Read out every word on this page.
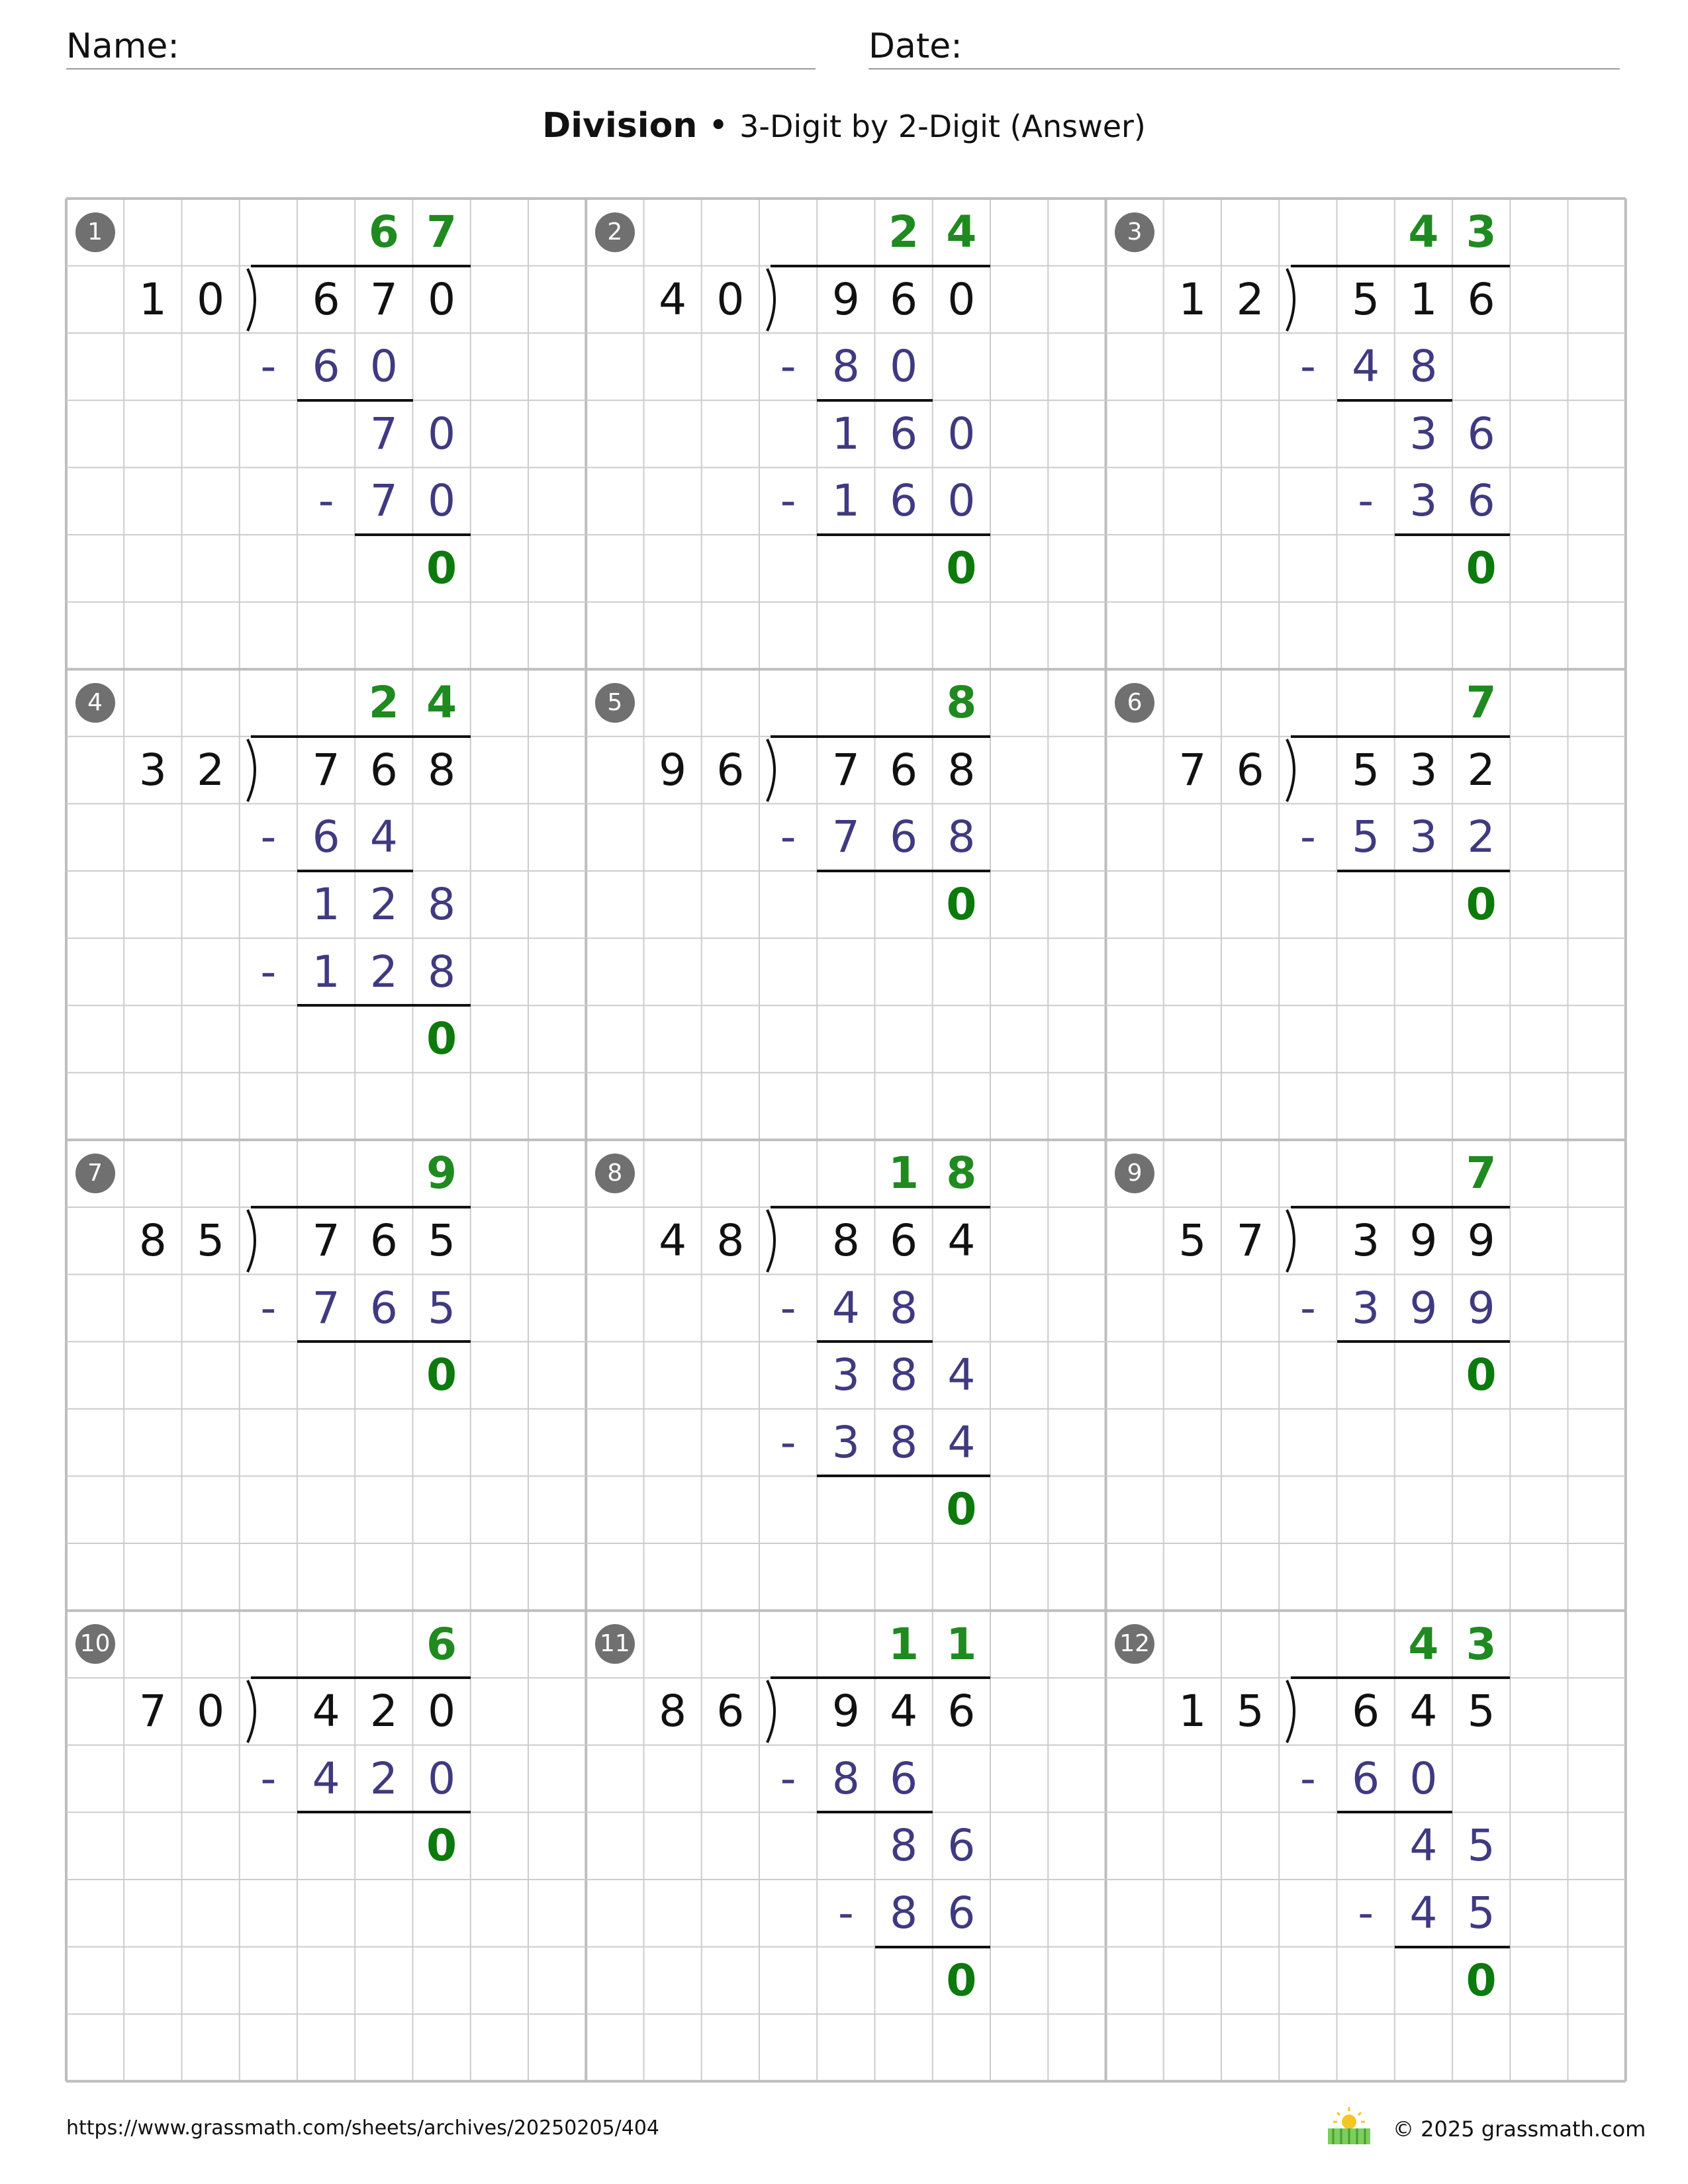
Name:	Date:
Division • 3-Digit by 2-Digit (Answer)
1	6 7
1 0	6 7 0
- 6 0
7 0
- 7 0
0
2	2 4
4 0	9 6 0
- 8 0
1 6 0
- 1 6 0
0
3	4 3
1 2	5 1 6
- 4 8
3 6
- 3 6
0
4	2 4
3 2	7 6 8
- 6 4
1 2 8
- 1 2 8
0
5	8
9 6	7 6 8
- 7 6 8
0
6	7
7 6	5 3 2
- 5 3 2
0
7	9
8 5	7 6 5
- 7 6 5
0
8	1 8
4 8	8 6 4
- 4 8
3 8 4
- 3 8 4
0
9	7
5 7	3 9 9
- 3 9 9
0
10	6
7 0	4 2 0
- 4 2 0
0
11	1 1
8 6	9 4 6
- 8 6
8 6
- 8 6
0
12	4 3
1 5	6 4 5
- 6 0
4 5
- 4 5
0
https://www.grassmath.com/sheets/archives/20250205/404	© 2025 grassmath.com
